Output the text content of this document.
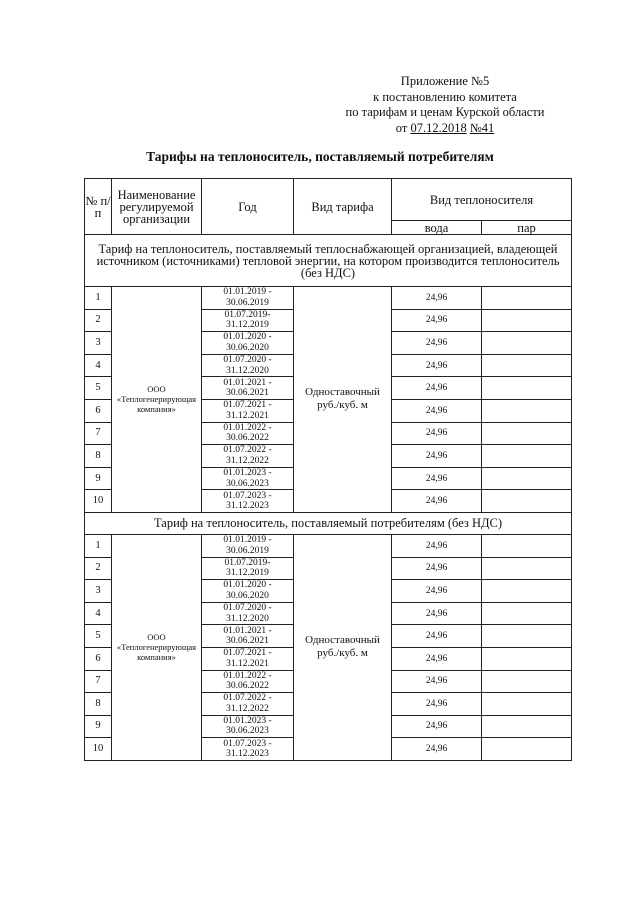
Приложение №5
к постановлению комитета
по тарифам и ценам Курской области
от 07.12.2018 №41
Тарифы на теплоноситель, поставляемый потребителям
№ п/п	Наименование регулируемой организации	Год	Вид тарифа	Вид теплоносителя	
				вода	пар
Тариф на теплоноситель, поставляемый теплоснабжающей организацией, владеющей источником (источниками) тепловой энергии, на котором производится теплоноситель (без НДС)					
1	ООО «Теплогенерирующая компания»	01.01.2019 - 30.06.2019	Одноставочный руб./куб. м	24,96	
2		01.07.2019- 31.12.2019		24,96	
3		01.01.2020 - 30.06.2020		24,96	
4		01.07.2020 - 31.12.2020		24,96	
5		01.01.2021 - 30.06.2021		24,96	
6		01.07.2021 - 31.12.2021		24,96	
7		01.01.2022 - 30.06.2022		24,96	
8		01.07.2022 - 31.12.2022		24,96	
9		01.01.2023 - 30.06.2023		24,96	
10		01.07.2023 - 31.12.2023		24,96	
Тариф на теплоноситель, поставляемый потребителям (без НДС)					
1	ООО «Теплогенерирующая компания»	01.01.2019 - 30.06.2019	Одноставочный руб./куб. м	24,96	
2		01.07.2019- 31.12.2019		24,96	
3		01.01.2020 - 30.06.2020		24,96	
4		01.07.2020 - 31.12.2020		24,96	
5		01.01.2021 - 30.06.2021		24,96	
6		01.07.2021 - 31.12.2021		24,96	
7		01.01.2022 - 30.06.2022		24,96	
8		01.07.2022 - 31.12.2022		24,96	
9		01.01.2023 - 30.06.2023		24,96	
10		01.07.2023 - 31.12.2023		24,96	
